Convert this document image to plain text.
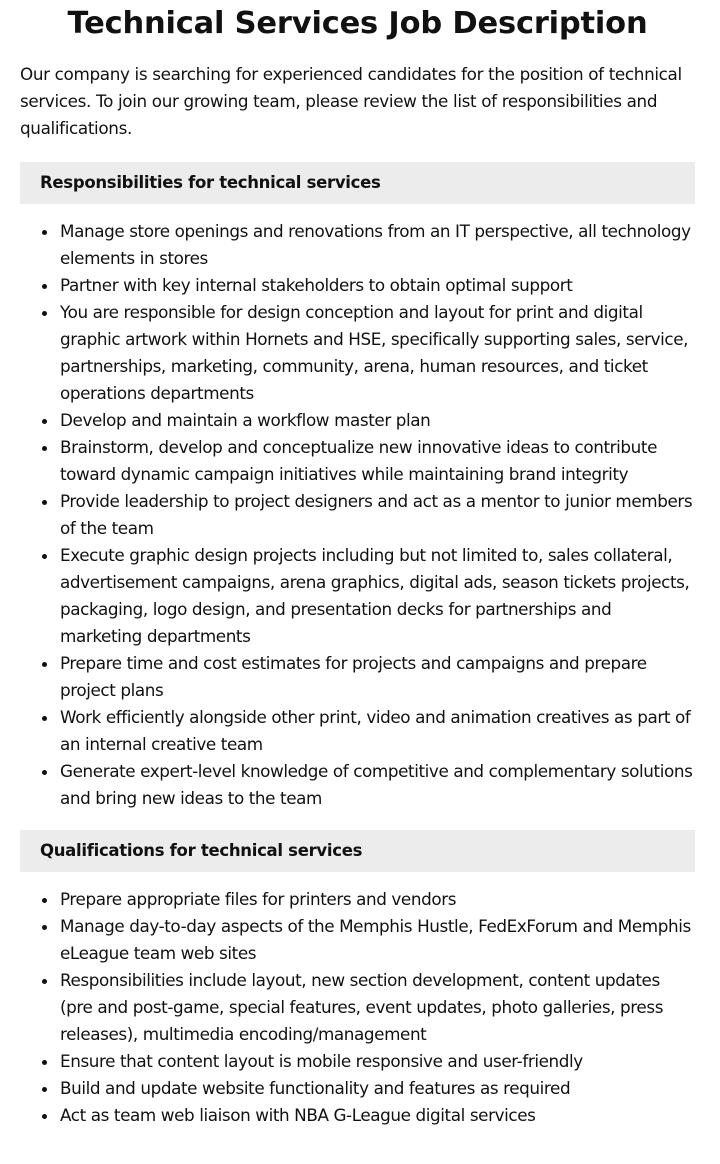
Technical Services Job Description

Our company is searching for experienced candidates for the position of technical services. To join our growing team, please review the list of responsibilities and qualifications.

Responsibilities for technical services
Manage store openings and renovations from an IT perspective, all technology elements in stores
Partner with key internal stakeholders to obtain optimal support
You are responsible for design conception and layout for print and digital graphic artwork within Hornets and HSE, specifically supporting sales, service, partnerships, marketing, community, arena, human resources, and ticket operations departments
Develop and maintain a workflow master plan
Brainstorm, develop and conceptualize new innovative ideas to contribute toward dynamic campaign initiatives while maintaining brand integrity
Provide leadership to project designers and act as a mentor to junior members of the team
Execute graphic design projects including but not limited to, sales collateral, advertisement campaigns, arena graphics, digital ads, season tickets projects, packaging, logo design, and presentation decks for partnerships and marketing departments
Prepare time and cost estimates for projects and campaigns and prepare project plans
Work efficiently alongside other print, video and animation creatives as part of an internal creative team
Generate expert-level knowledge of competitive and complementary solutions and bring new ideas to the team
Qualifications for technical services
Prepare appropriate files for printers and vendors
Manage day-to-day aspects of the Memphis Hustle, FedExForum and Memphis eLeague team web sites
Responsibilities include layout, new section development, content updates (pre and post-game, special features, event updates, photo galleries, press releases), multimedia encoding/management
Ensure that content layout is mobile responsive and user-friendly
Build and update website functionality and features as required
Act as team web liaison with NBA G-League digital services
